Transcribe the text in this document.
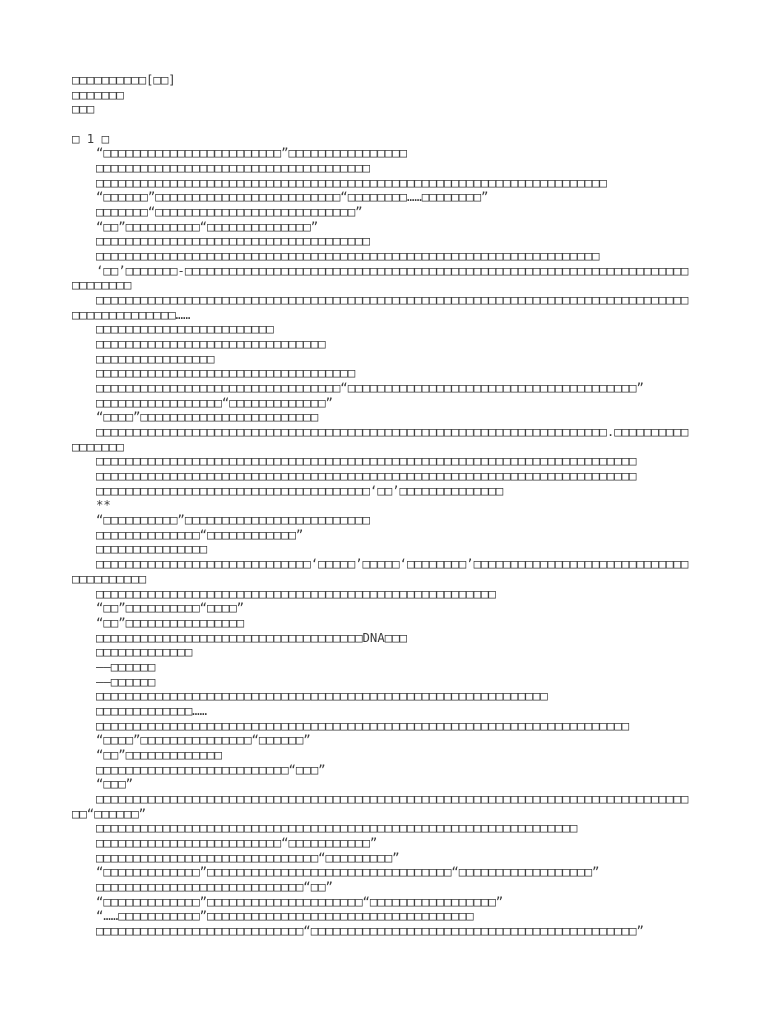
□□□□□□□□□□[□□]
□□□□□□□
□□□
□ 1 □
“□□□□□□□□□□□□□□□□□□□□□□□□”□□□□□□□□□□□□□□□□
□□□□□□□□□□□□□□□□□□□□□□□□□□□□□□□□□□□□□
□□□□□□□□□□□□□□□□□□□□□□□□□□□□□□□□□□□□□□□□□□□□□□□□□□□□□□□□□□□□□□□□□□□□□
“□□□□□□”□□□□□□□□□□□□□□□□□□□□□□□□□“□□□□□□□□……□□□□□□□□”
□□□□□□□“□□□□□□□□□□□□□□□□□□□□□□□□□□□”
“□□”□□□□□□□□□□“□□□□□□□□□□□□□□”
□□□□□□□□□□□□□□□□□□□□□□□□□□□□□□□□□□□□□
□□□□□□□□□□□□□□□□□□□□□□□□□□□□□□□□□□□□□□□□□□□□□□□□□□□□□□□□□□□□□□□□□□□□
‘□□’□□□□□□□-□□□□□□□□□□□□□□□□□□□□□□□□□□□□□□□□□□□□□□□□□□□□□□□□□□□□□□□□□□□□□□□□□□□□□□□□□□□□
□□□□□□□□□□□□□□□□□□□□□□□□□□□□□□□□□□□□□□□□□□□□□□□□□□□□□□□□□□□□□□□□□□□□□□□□□□□□□□□□□□□□□□□□□□□□□□……
□□□□□□□□□□□□□□□□□□□□□□□□
□□□□□□□□□□□□□□□□□□□□□□□□□□□□□□□
□□□□□□□□□□□□□□□□
□□□□□□□□□□□□□□□□□□□□□□□□□□□□□□□□□□□
□□□□□□□□□□□□□□□□□□□□□□□□□□□□□□□□□“□□□□□□□□□□□□□□□□□□□□□□□□□□□□□□□□□□□□□□□”
□□□□□□□□□□□□□□□□□“□□□□□□□□□□□□□”
“□□□□”□□□□□□□□□□□□□□□□□□□□□□□□
□□□□□□□□□□□□□□□□□□□□□□□□□□□□□□□□□□□□□□□□□□□□□□□□□□□□□□□□□□□□□□□□□□□□□.□□□□□□□□□□□□□□□□□
□□□□□□□□□□□□□□□□□□□□□□□□□□□□□□□□□□□□□□□□□□□□□□□□□□□□□□□□□□□□□□□□□□□□□□□□□
□□□□□□□□□□□□□□□□□□□□□□□□□□□□□□□□□□□□□□□□□□□□□□□□□□□□□□□□□□□□□□□□□□□□□□□□□
□□□□□□□□□□□□□□□□□□□□□□□□□□□□□□□□□□□□□‘□□’□□□□□□□□□□□□□□
**
“□□□□□□□□□□”□□□□□□□□□□□□□□□□□□□□□□□□□
□□□□□□□□□□□□□□“□□□□□□□□□□□□”
□□□□□□□□□□□□□□□
□□□□□□□□□□□□□□□□□□□□□□□□□□□□□‘□□□□□’□□□□□‘□□□□□□□□’□□□□□□□□□□□□□□□□□□□□□□□□□□□□□□□□□□□□□□□
□□□□□□□□□□□□□□□□□□□□□□□□□□□□□□□□□□□□□□□□□□□□□□□□□□□□□□
“□□”□□□□□□□□□□“□□□□”
“□□”□□□□□□□□□□□□□□□□
□□□□□□□□□□□□□□□□□□□□□□□□□□□□□□□□□□□□DNA□□□
□□□□□□□□□□□□□
——□□□□□□
——□□□□□□
□□□□□□□□□□□□□□□□□□□□□□□□□□□□□□□□□□□□□□□□□□□□□□□□□□□□□□□□□□□□□
□□□□□□□□□□□□□……
□□□□□□□□□□□□□□□□□□□□□□□□□□□□□□□□□□□□□□□□□□□□□□□□□□□□□□□□□□□□□□□□□□□□□□□□
“□□□□”□□□□□□□□□□□□□□□“□□□□□□”
“□□”□□□□□□□□□□□□□
□□□□□□□□□□□□□□□□□□□□□□□□□□“□□□”
“□□□”
□□□□□□□□□□□□□□□□□□□□□□□□□□□□□□□□□□□□□□□□□□□□□□□□□□□□□□□□□□□□□□□□□□□□□□□□□□□□□□□□□□“□□□□□□”
□□□□□□□□□□□□□□□□□□□□□□□□□□□□□□□□□□□□□□□□□□□□□□□□□□□□□□□□□□□□□□□□□
□□□□□□□□□□□□□□□□□□□□□□□□□“□□□□□□□□□□□”
□□□□□□□□□□□□□□□□□□□□□□□□□□□□□□“□□□□□□□□□”
“□□□□□□□□□□□□□”□□□□□□□□□□□□□□□□□□□□□□□□□□□□□□□□□“□□□□□□□□□□□□□□□□□□”
□□□□□□□□□□□□□□□□□□□□□□□□□□□□“□□”
“□□□□□□□□□□□□□”□□□□□□□□□□□□□□□□□□□□□“□□□□□□□□□□□□□□□□□”
“……□□□□□□□□□□□”□□□□□□□□□□□□□□□□□□□□□□□□□□□□□□□□□□□□
□□□□□□□□□□□□□□□□□□□□□□□□□□□□“□□□□□□□□□□□□□□□□□□□□□□□□□□□□□□□□□□□□□□□□□□□□”
